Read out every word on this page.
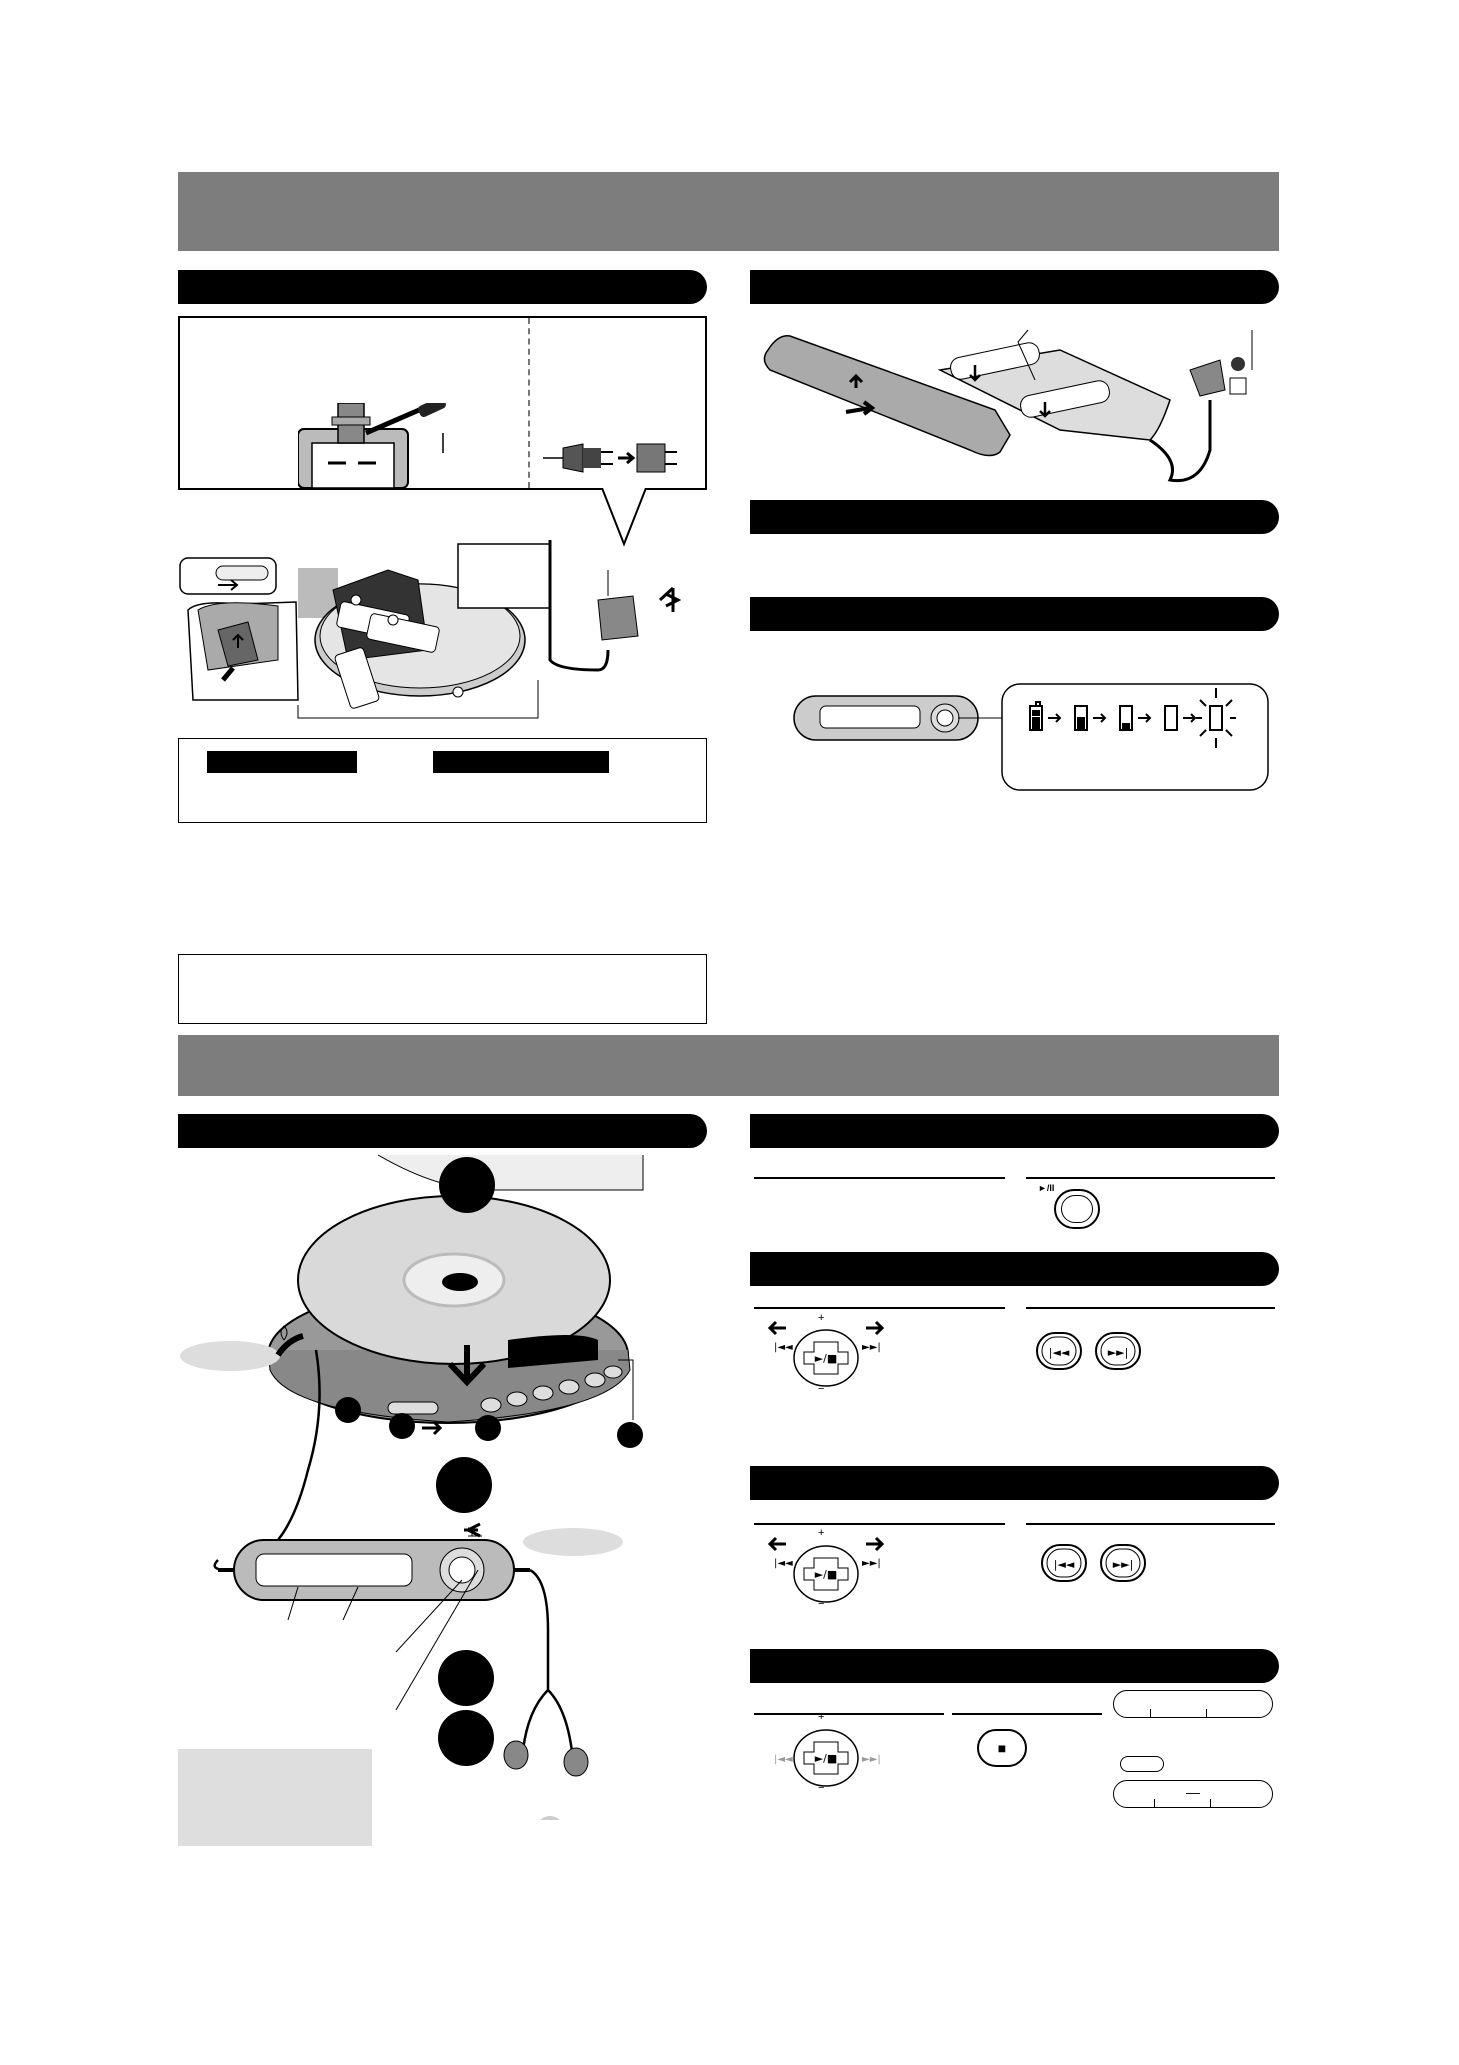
►/II
►/■
|◄◄	►►|
+
−
|◄◄	►►|
►/■
|◄◄	►►|
+
−
|◄◄	►►|
►/■
|◄◄	►►|
+
−
■
—
